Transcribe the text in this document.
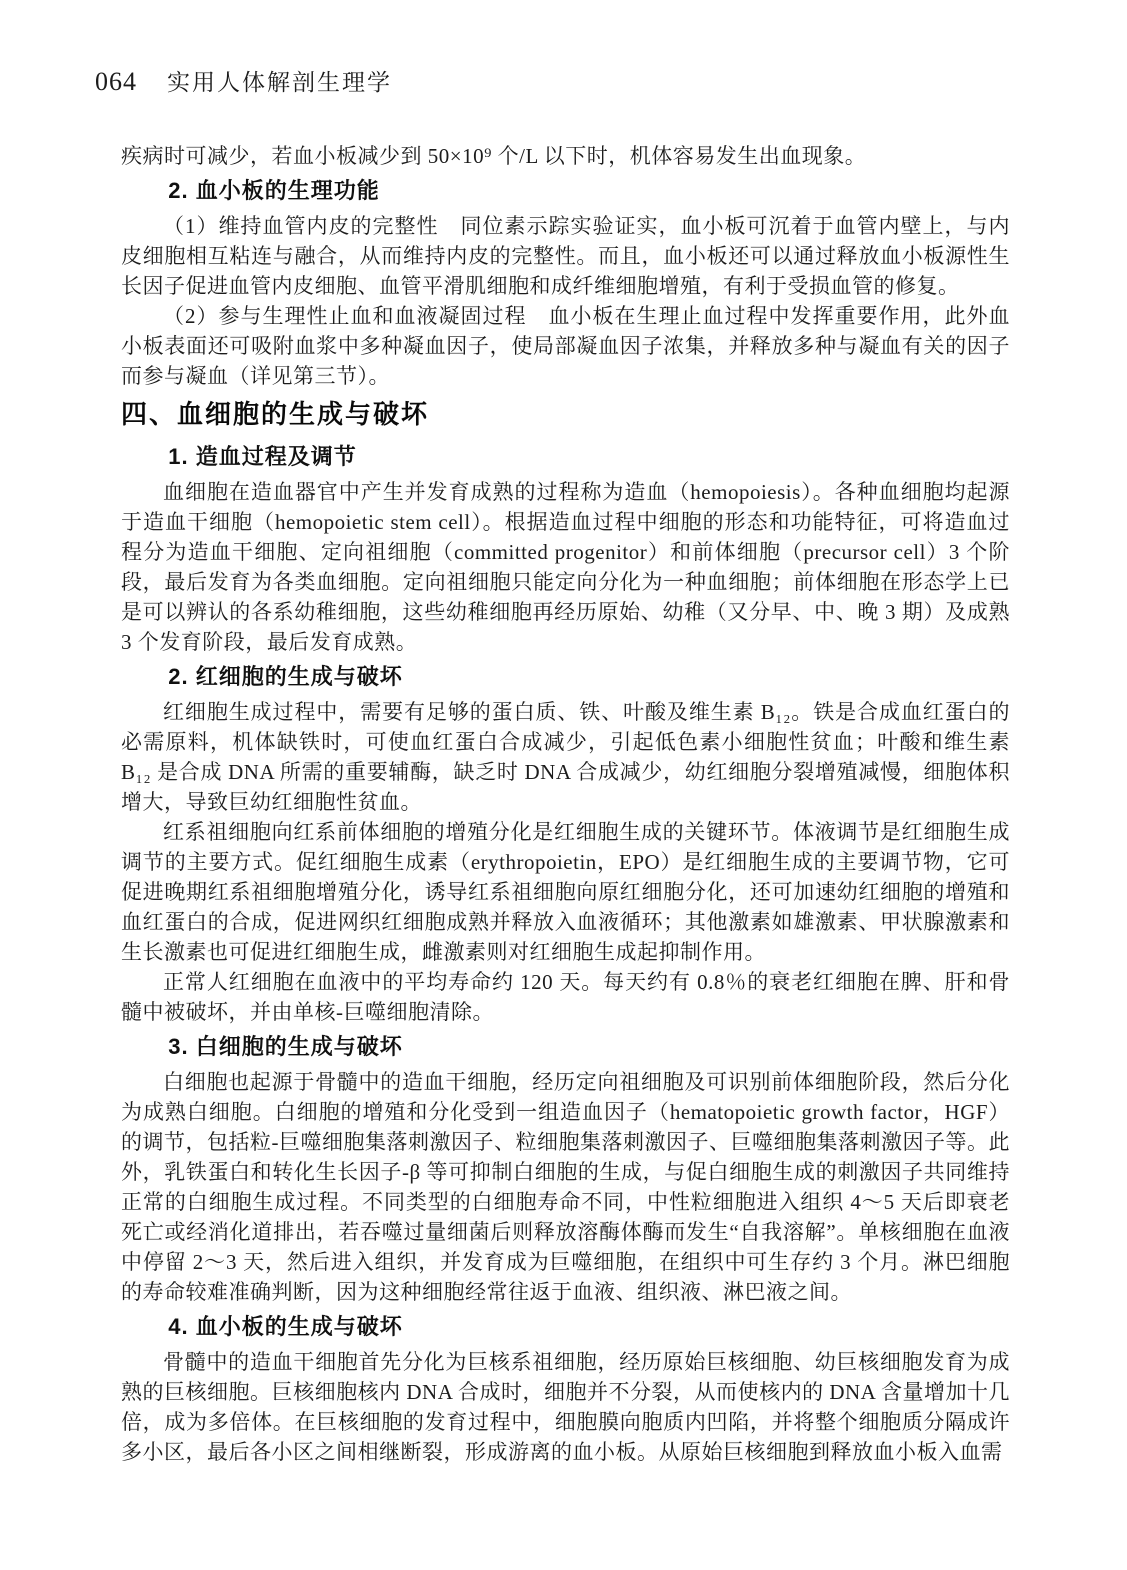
064 实用人体解剖生理学

疾病时可减少，若血小板减少到 50×10⁹ 个/L 以下时，机体容易发生出血现象。

2. 血小板的生理功能

（1）维持血管内皮的完整性　同位素示踪实验证实，血小板可沉着于血管内壁上，与内皮细胞相互粘连与融合，从而维持内皮的完整性。而且，血小板还可以通过释放血小板源性生长因子促进血管内皮细胞、血管平滑肌细胞和成纤维细胞增殖，有利于受损血管的修复。

（2）参与生理性止血和血液凝固过程　血小板在生理止血过程中发挥重要作用，此外血小板表面还可吸附血浆中多种凝血因子，使局部凝血因子浓集，并释放多种与凝血有关的因子而参与凝血（详见第三节）。

四、血细胞的生成与破坏

1. 造血过程及调节

血细胞在造血器官中产生并发育成熟的过程称为造血（hemopoiesis）。各种血细胞均起源于造血干细胞（hemopoietic stem cell）。根据造血过程中细胞的形态和功能特征，可将造血过程分为造血干细胞、定向祖细胞（committed progenitor）和前体细胞（precursor cell）3 个阶段，最后发育为各类血细胞。定向祖细胞只能定向分化为一种血细胞；前体细胞在形态学上已是可以辨认的各系幼稚细胞，这些幼稚细胞再经历原始、幼稚（又分早、中、晚 3 期）及成熟 3 个发育阶段，最后发育成熟。

2. 红细胞的生成与破坏

红细胞生成过程中，需要有足够的蛋白质、铁、叶酸及维生素 B₁₂。铁是合成血红蛋白的必需原料，机体缺铁时，可使血红蛋白合成减少，引起低色素小细胞性贫血；叶酸和维生素 B₁₂ 是合成 DNA 所需的重要辅酶，缺乏时 DNA 合成减少，幼红细胞分裂增殖减慢，细胞体积增大，导致巨幼红细胞性贫血。

红系祖细胞向红系前体细胞的增殖分化是红细胞生成的关键环节。体液调节是红细胞生成调节的主要方式。促红细胞生成素（erythropoietin，EPO）是红细胞生成的主要调节物，它可促进晚期红系祖细胞增殖分化，诱导红系祖细胞向原红细胞分化，还可加速幼红细胞的增殖和血红蛋白的合成，促进网织红细胞成熟并释放入血液循环；其他激素如雄激素、甲状腺激素和生长激素也可促进红细胞生成，雌激素则对红细胞生成起抑制作用。

正常人红细胞在血液中的平均寿命约 120 天。每天约有 0.8％的衰老红细胞在脾、肝和骨髓中被破坏，并由单核-巨噬细胞清除。

3. 白细胞的生成与破坏

白细胞也起源于骨髓中的造血干细胞，经历定向祖细胞及可识别前体细胞阶段，然后分化为成熟白细胞。白细胞的增殖和分化受到一组造血因子（hematopoietic growth factor，HGF）的调节，包括粒-巨噬细胞集落刺激因子、粒细胞集落刺激因子、巨噬细胞集落刺激因子等。此外，乳铁蛋白和转化生长因子-β 等可抑制白细胞的生成，与促白细胞生成的刺激因子共同维持正常的白细胞生成过程。不同类型的白细胞寿命不同，中性粒细胞进入组织 4～5 天后即衰老死亡或经消化道排出，若吞噬过量细菌后则释放溶酶体酶而发生“自我溶解”。单核细胞在血液中停留 2～3 天，然后进入组织，并发育成为巨噬细胞，在组织中可生存约 3 个月。淋巴细胞的寿命较难准确判断，因为这种细胞经常往返于血液、组织液、淋巴液之间。

4. 血小板的生成与破坏

骨髓中的造血干细胞首先分化为巨核系祖细胞，经历原始巨核细胞、幼巨核细胞发育为成熟的巨核细胞。巨核细胞核内 DNA 合成时，细胞并不分裂，从而使核内的 DNA 含量增加十几倍，成为多倍体。在巨核细胞的发育过程中，细胞膜向胞质内凹陷，并将整个细胞质分隔成许多小区，最后各小区之间相继断裂，形成游离的血小板。从原始巨核细胞到释放血小板入血需
